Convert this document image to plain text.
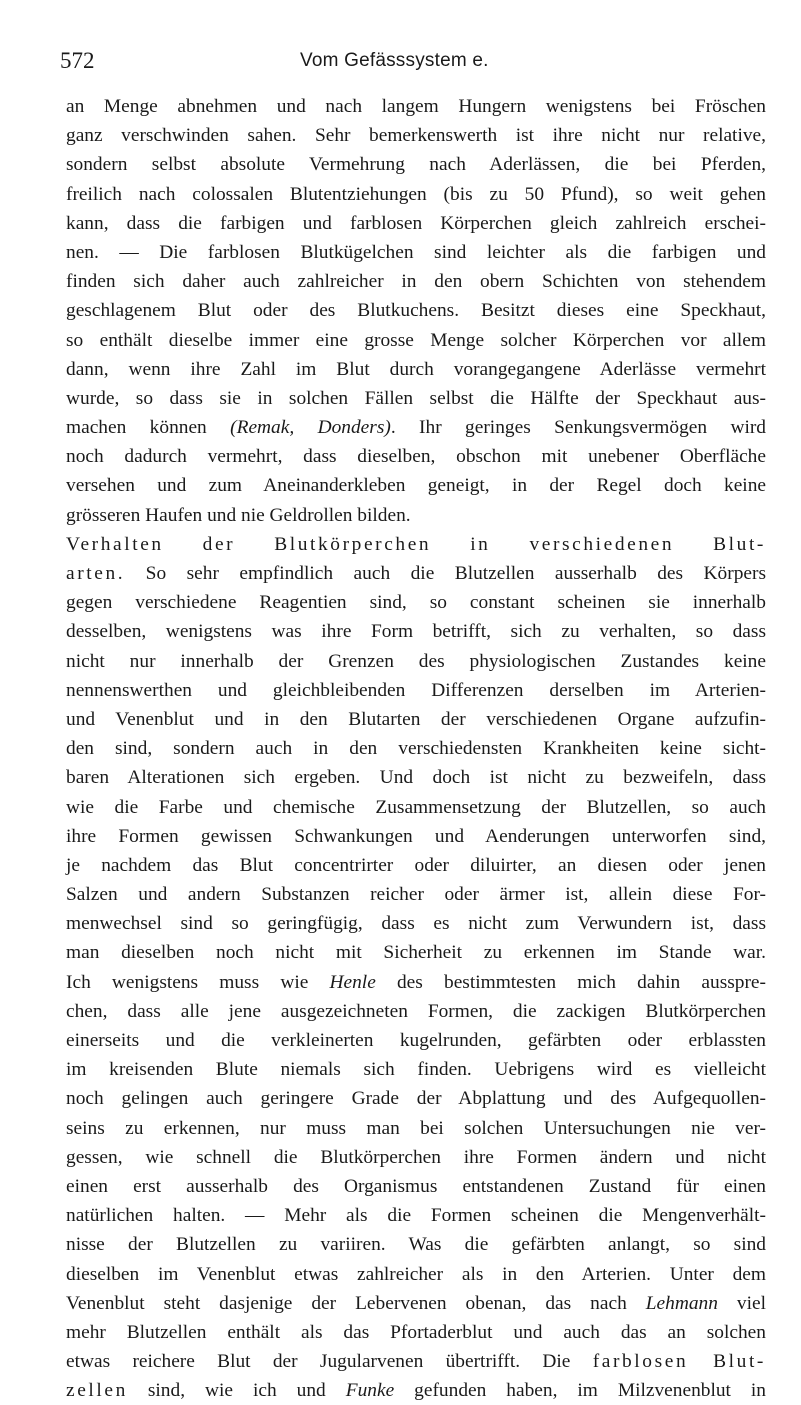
572	Vom Gefässsystem e.
an Menge abnehmen und nach langem Hungern wenigstens bei Fröschen
ganz verschwinden sahen. Sehr bemerkenswerth ist ihre nicht nur relative,
sondern selbst absolute Vermehrung nach Aderlässen, die bei Pferden,
freilich nach colossalen Blutentziehungen (bis zu 50 Pfund), so weit gehen
kann, dass die farbigen und farblosen Körperchen gleich zahlreich erschei-
nen. — Die farblosen Blutkügelchen sind leichter als die farbigen und
finden sich daher auch zahlreicher in den obern Schichten von stehendem
geschlagenem Blut oder des Blutkuchens. Besitzt dieses eine Speckhaut,
so enthält dieselbe immer eine grosse Menge solcher Körperchen vor allem
dann, wenn ihre Zahl im Blut durch vorangegangene Aderlässe vermehrt
wurde, so dass sie in solchen Fällen selbst die Hälfte der Speckhaut aus-
machen können (Remak, Donders). Ihr geringes Senkungsvermögen wird
noch dadurch vermehrt, dass dieselben, obschon mit unebener Oberfläche
versehen und zum Aneinanderkleben geneigt, in der Regel doch keine
grösseren Haufen und nie Geldrollen bilden.
Verhalten der Blutkörperchen in verschiedenen Blut-
arten. So sehr empfindlich auch die Blutzellen ausserhalb des Körpers
gegen verschiedene Reagentien sind, so constant scheinen sie innerhalb
desselben, wenigstens was ihre Form betrifft, sich zu verhalten, so dass
nicht nur innerhalb der Grenzen des physiologischen Zustandes keine
nennenswerthen und gleichbleibenden Differenzen derselben im Arterien-
und Venenblut und in den Blutarten der verschiedenen Organe aufzufin-
den sind, sondern auch in den verschiedensten Krankheiten keine sicht-
baren Alterationen sich ergeben. Und doch ist nicht zu bezweifeln, dass
wie die Farbe und chemische Zusammensetzung der Blutzellen, so auch
ihre Formen gewissen Schwankungen und Aenderungen unterworfen sind,
je nachdem das Blut concentrirter oder diluirter, an diesen oder jenen
Salzen und andern Substanzen reicher oder ärmer ist, allein diese For-
menwechsel sind so geringfügig, dass es nicht zum Verwundern ist, dass
man dieselben noch nicht mit Sicherheit zu erkennen im Stande war.
Ich wenigstens muss wie Henle des bestimmtesten mich dahin ausspre-
chen, dass alle jene ausgezeichneten Formen, die zackigen Blutkörperchen
einerseits und die verkleinerten kugelrunden, gefärbten oder erblassten
im kreisenden Blute niemals sich finden. Uebrigens wird es vielleicht
noch gelingen auch geringere Grade der Abplattung und des Aufgequollen-
seins zu erkennen, nur muss man bei solchen Untersuchungen nie ver-
gessen, wie schnell die Blutkörperchen ihre Formen ändern und nicht
einen erst ausserhalb des Organismus entstandenen Zustand für einen
natürlichen halten. — Mehr als die Formen scheinen die Mengenverhält-
nisse der Blutzellen zu variiren. Was die gefärbten anlangt, so sind
dieselben im Venenblut etwas zahlreicher als in den Arterien. Unter dem
Venenblut steht dasjenige der Lebervenen obenan, das nach Lehmann viel
mehr Blutzellen enthält als das Pfortaderblut und auch das an solchen
etwas reichere Blut der Jugularvenen übertrifft. Die farblosen Blut-
zellen sind, wie ich und Funke gefunden haben, im Milzvenenblut in
